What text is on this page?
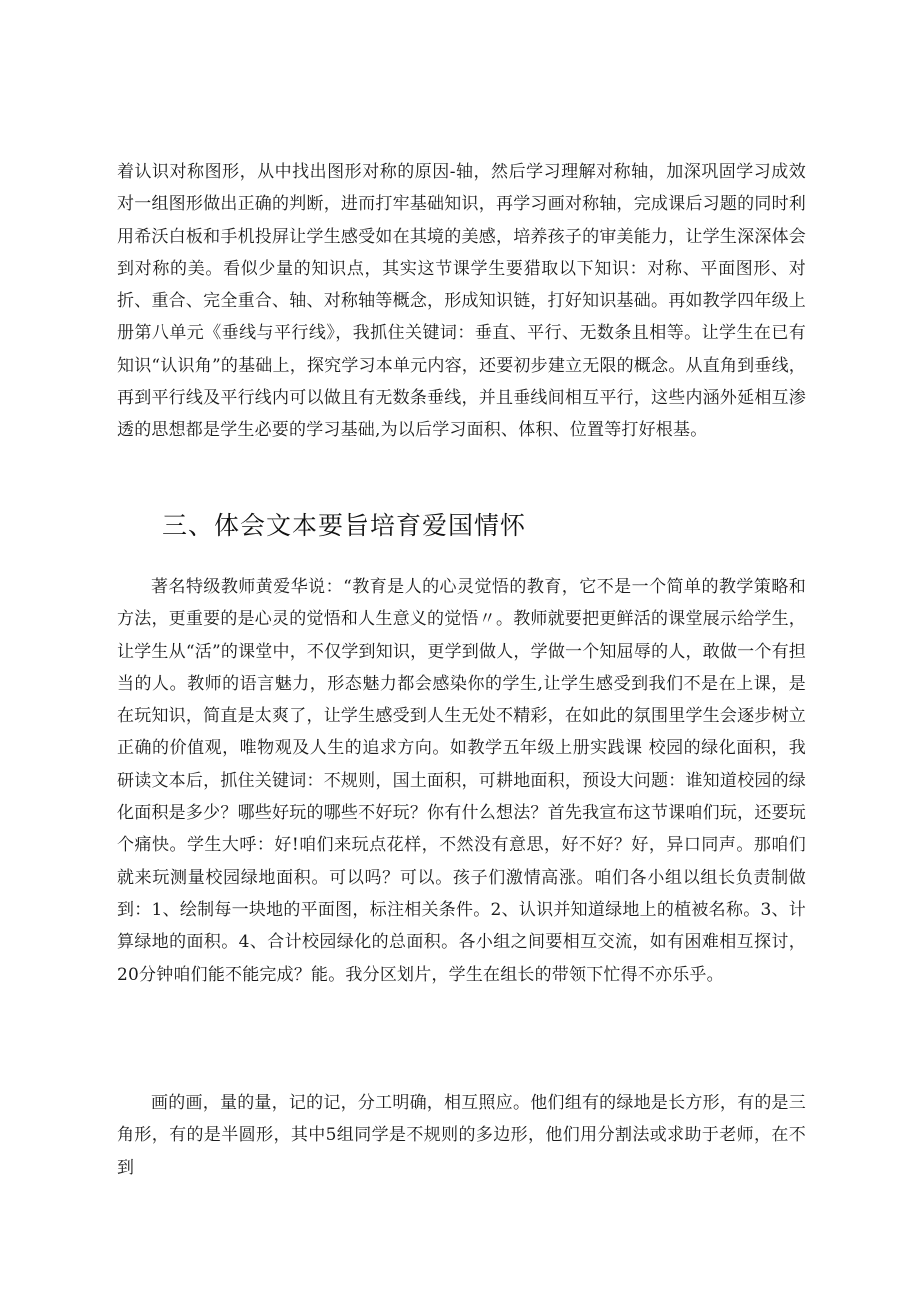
着认识对称图形，从中找出图形对称的原因-轴，然后学习理解对称轴，加深巩固学习成效对一组图形做出正确的判断，进而打牢基础知识，再学习画对称轴，完成课后习题的同时利用希沃白板和手机投屏让学生感受如在其境的美感，培养孩子的审美能力，让学生深深体会到对称的美。看似少量的知识点，其实这节课学生要猎取以下知识：对称、平面图形、对折、重合、完全重合、轴、对称轴等概念，形成知识链，打好知识基础。再如教学四年级上册第八单元《垂线与平行线》，我抓住关键词：垂直、平行、无数条且相等。让学生在已有知识“认识角”的基础上，探究学习本单元内容，还要初步建立无限的概念。从直角到垂线，再到平行线及平行线内可以做且有无数条垂线，并且垂线间相互平行，这些内涵外延相互渗透的思想都是学生必要的学习基础,为以后学习面积、体积、位置等打好根基。

三、体会文本要旨培育爱国情怀

著名特级教师黄爱华说：“教育是人的心灵觉悟的教育，它不是一个简单的教学策略和方法，更重要的是心灵的觉悟和人生意义的觉悟〃。教师就要把更鲜活的课堂展示给学生，让学生从“活”的课堂中，不仅学到知识，更学到做人，学做一个知屈辱的人，敢做一个有担当的人。教师的语言魅力，形态魅力都会感染你的学生,让学生感受到我们不是在上课，是在玩知识，简直是太爽了，让学生感受到人生无处不精彩，在如此的氛围里学生会逐步树立正确的价值观，唯物观及人生的追求方向。如教学五年级上册实践课 校园的绿化面积，我研读文本后，抓住关键词：不规则，国土面积，可耕地面积，预设大问题：谁知道校园的绿化面积是多少？哪些好玩的哪些不好玩？你有什么想法？首先我宣布这节课咱们玩，还要玩个痛快。学生大呼：好!咱们来玩点花样，不然没有意思，好不好？好，异口同声。那咱们就来玩测量校园绿地面积。可以吗？可以。孩子们激情高涨。咱们各小组以组长负责制做到：1、绘制每一块地的平面图，标注相关条件。2、认识并知道绿地上的植被名称。3、计算绿地的面积。4、合计校园绿化的总面积。各小组之间要相互交流，如有困难相互探讨，20分钟咱们能不能完成？能。我分区划片，学生在组长的带领下忙得不亦乐乎。

画的画，量的量，记的记，分工明确，相互照应。他们组有的绿地是长方形，有的是三角形，有的是半圆形，其中5组同学是不规则的多边形，他们用分割法或求助于老师，在不到
